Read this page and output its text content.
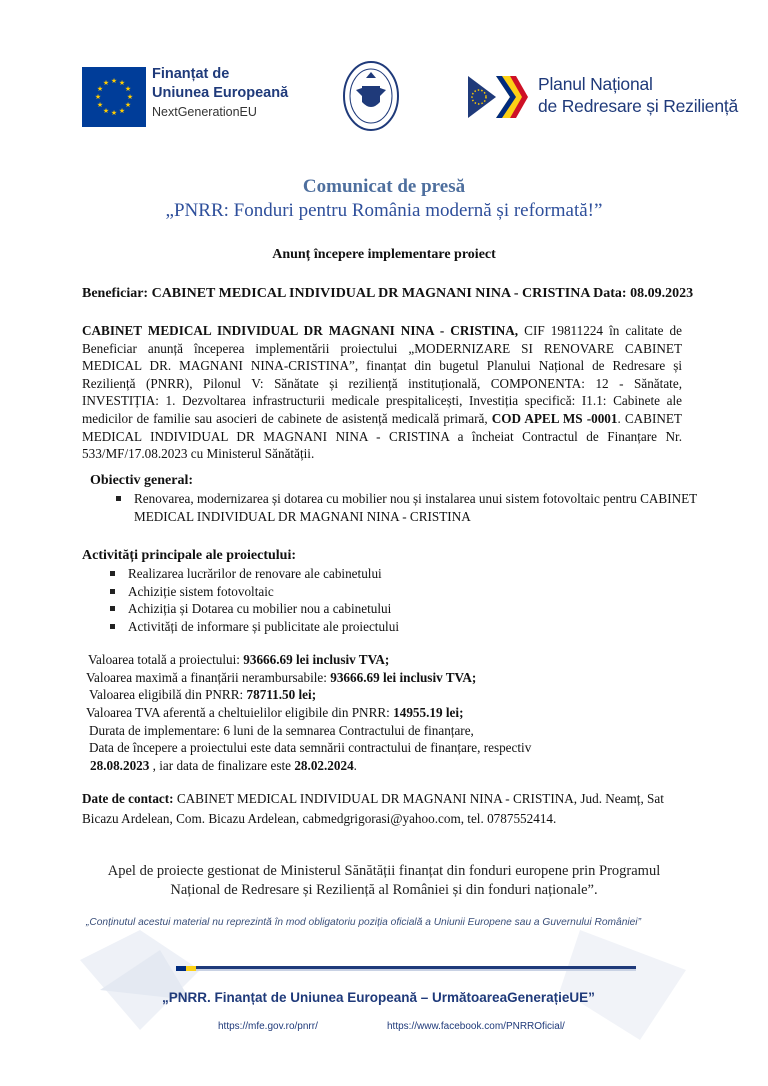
★ ★
★
★
★
★
★
★
★
★
★
★
Finanțat de
Uniunea Europeană
NextGenerationEU
Planul Național
de Redresare și Reziliență
Comunicat de presă
„PNRR: Fonduri pentru România modernă și reformată!”
Anunț începere implementare proiect
Beneficiar: CABINET MEDICAL INDIVIDUAL DR MAGNANI NINA - CRISTINA Data: 08.09.2023
CABINET MEDICAL INDIVIDUAL DR MAGNANI NINA - CRISTINA, CIF 19811224 în calitate de Beneficiar anunță începerea implementării proiectului „MODERNIZARE SI RENOVARE CABINET MEDICAL DR. MAGNANI NINA-CRISTINA”, finanțat din bugetul Planului Național de Redresare și Reziliență (PNRR), Pilonul V: Sănătate și reziliență instituțională, COMPONENTA: 12 - Sănătate, INVESTIȚIA: 1. Dezvoltarea infrastructurii medicale prespitalicești, Investiția specifică: I1.1: Cabinete ale medicilor de familie sau asocieri de cabinete de asistență medicală primară, COD APEL MS -0001. CABINET MEDICAL INDIVIDUAL DR MAGNANI NINA - CRISTINA a încheiat Contractul de Finanțare Nr. 533/MF/17.08.2023 cu Ministerul Sănătății.
Obiectiv general:
Renovarea, modernizarea și dotarea cu mobilier nou și instalarea unui sistem fotovoltaic pentru CABINET MEDICAL INDIVIDUAL DR MAGNANI NINA - CRISTINA
Activități principale ale proiectului:
Realizarea lucrărilor de renovare ale cabinetului
Achiziție sistem fotovoltaic
Achiziția și Dotarea cu mobilier nou a cabinetului
Activități de informare și publicitate ale proiectului
Valoarea totală a proiectului: 93666.69 lei inclusiv TVA;
Valoarea maximă a finanțării nerambursabile: 93666.69 lei inclusiv TVA;
Valoarea eligibilă din PNRR: 78711.50 lei;
Valoarea TVA aferentă a cheltuielilor eligibile din PNRR: 14955.19 lei;
Durata de implementare: 6 luni de la semnarea Contractului de finanțare,
Data de începere a proiectului este data semnării contractului de finanțare, respectiv
28.08.2023 , iar data de finalizare este 28.02.2024.
Date de contact: CABINET MEDICAL INDIVIDUAL DR MAGNANI NINA - CRISTINA, Jud. Neamț, Sat Bicazu Ardelean, Com. Bicazu Ardelean, cabmedgrigorasi@yahoo.com, tel. 0787552414.
Apel de proiecte gestionat de Ministerul Sănătății finanțat din fonduri europene prin Programul Național de Redresare și Reziliență al României și din fonduri naționale”.
„Conținutul acestui material nu reprezintă în mod obligatoriu poziția oficială a Uniunii Europene sau a Guvernului României”
„PNRR. Finanțat de Uniunea Europeană – UrmătoareaGenerațieUE”
https://mfe.gov.ro/pnrr/	https://www.facebook.com/PNRROficial/
